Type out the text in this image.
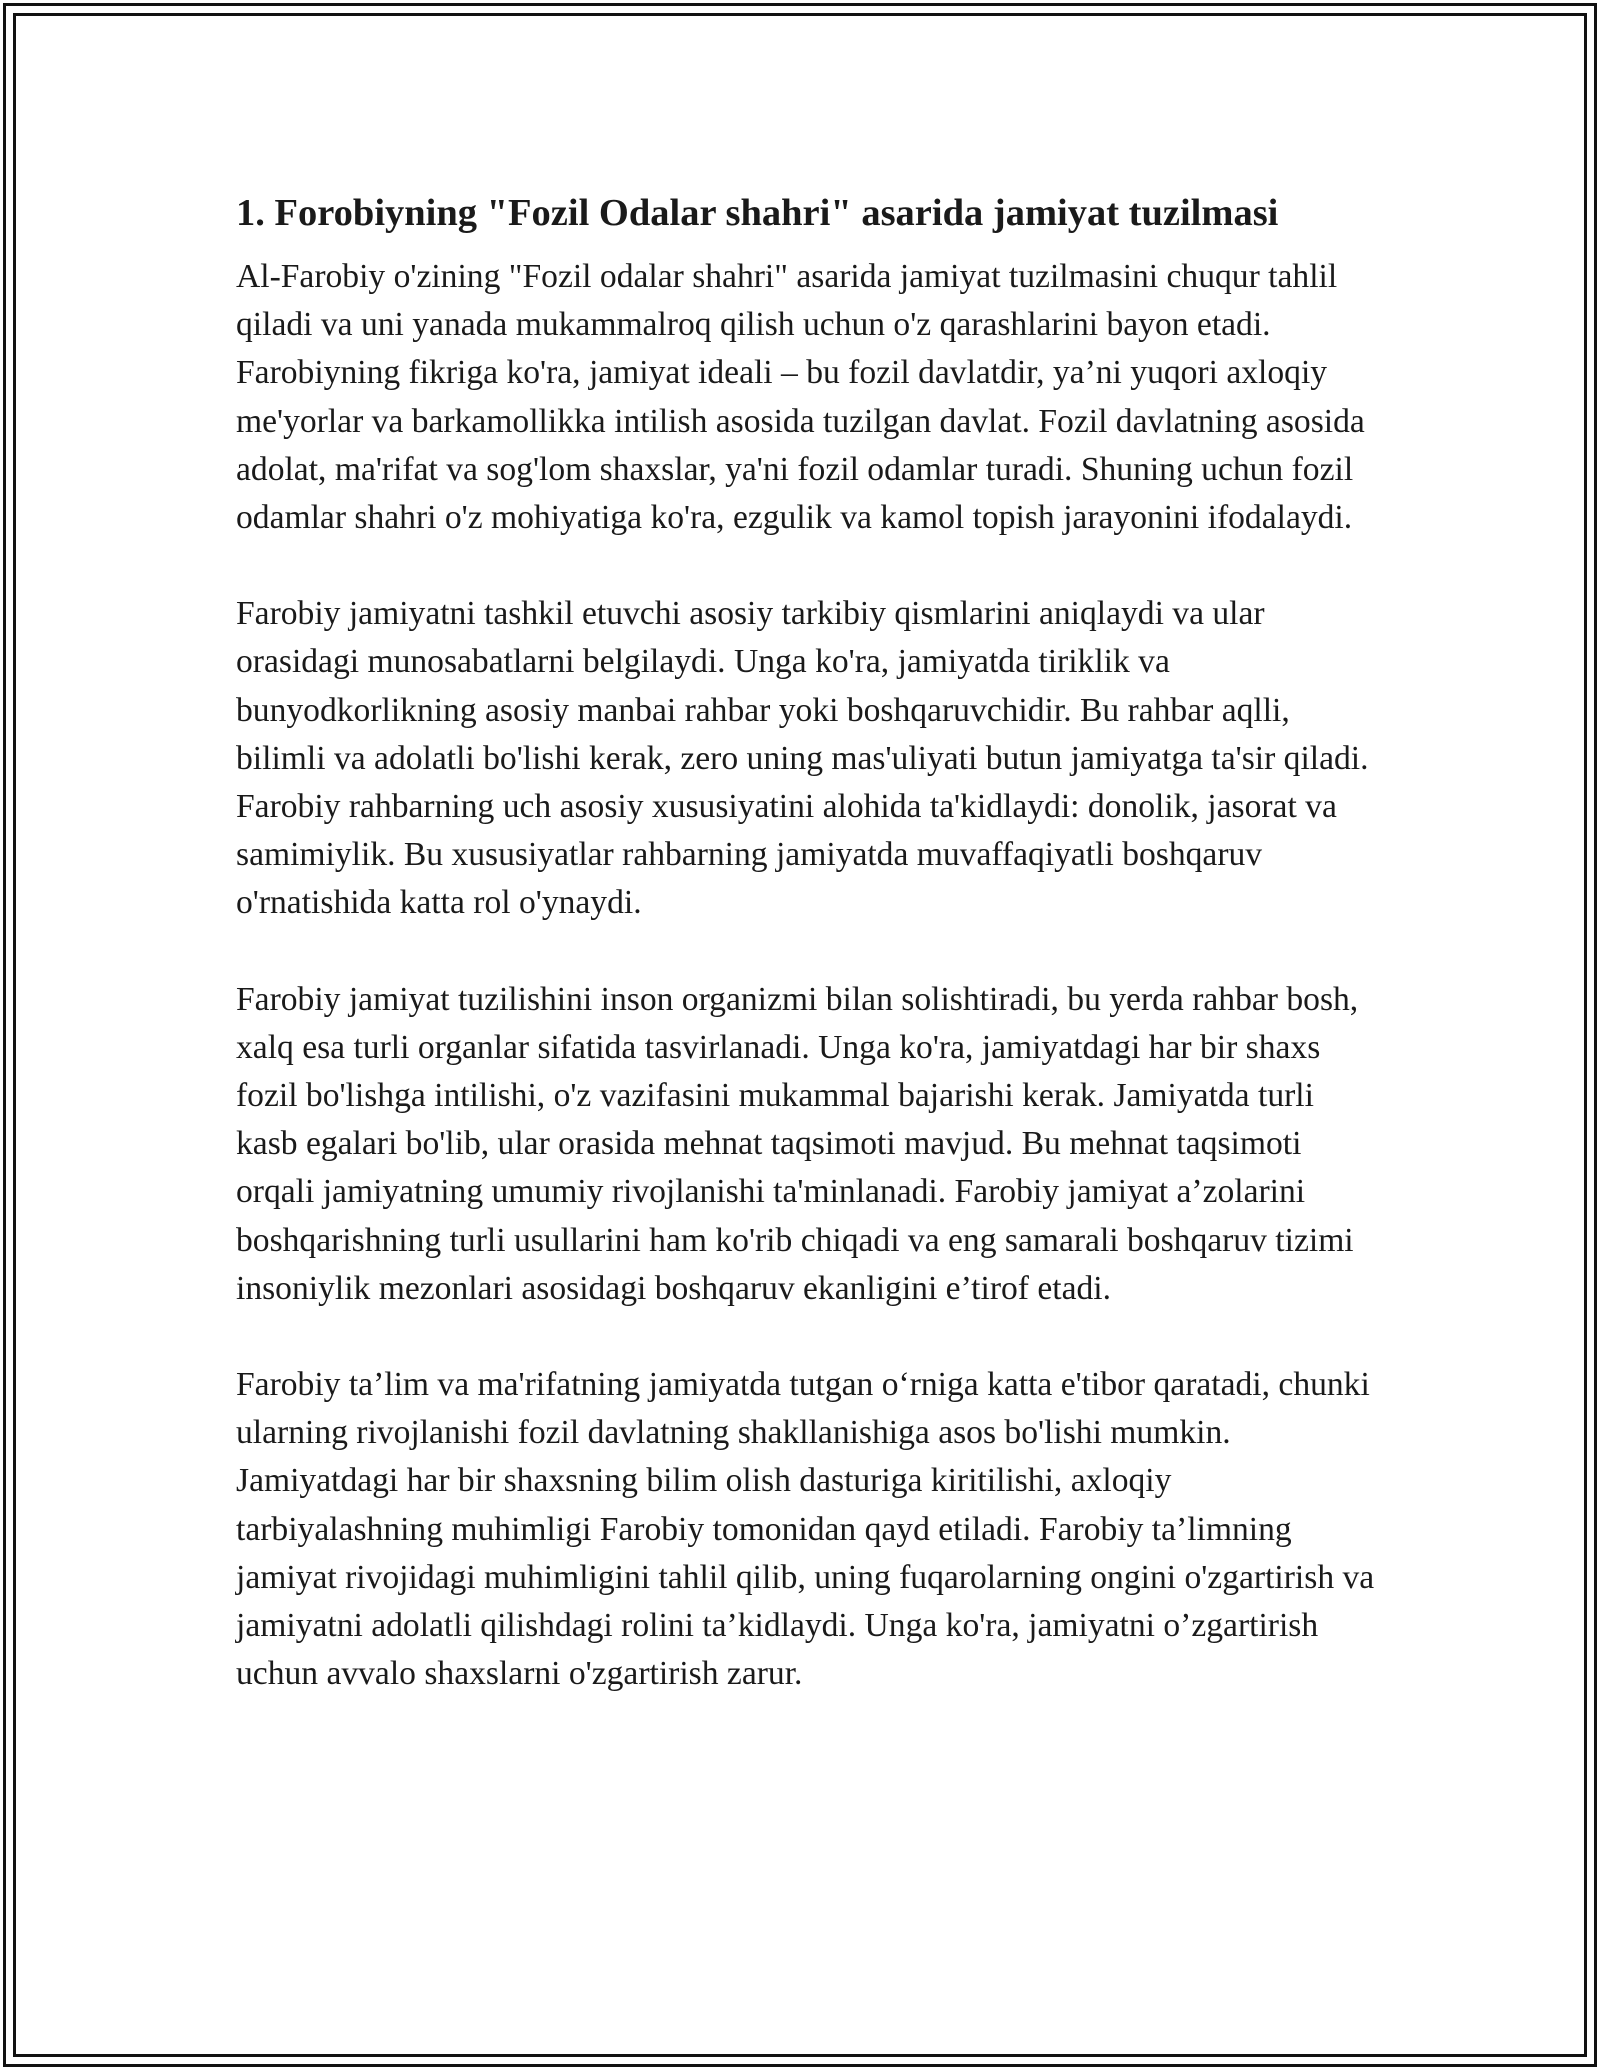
1. Forobiyning "Fozil Odalar shahri" asarida jamiyat tuzilmasi

Al-Farobiy o'zining "Fozil odalar shahri" asarida jamiyat tuzilmasini chuqur tahlil qiladi va uni yanada mukammalroq qilish uchun o'z qarashlarini bayon etadi. Farobiyning fikriga ko'ra, jamiyat ideali – bu fozil davlatdir, ya’ni yuqori axloqiy me'yorlar va barkamollikka intilish asosida tuzilgan davlat. Fozil davlatning asosida adolat, ma'rifat va sog'lom shaxslar, ya'ni fozil odamlar turadi. Shuning uchun fozil odamlar shahri o'z mohiyatiga ko'ra, ezgulik va kamol topish jarayonini ifodalaydi.

Farobiy jamiyatni tashkil etuvchi asosiy tarkibiy qismlarini aniqlaydi va ular orasidagi munosabatlarni belgilaydi. Unga ko'ra, jamiyatda tiriklik va bunyodkorlikning asosiy manbai rahbar yoki boshqaruvchidir. Bu rahbar aqlli, bilimli va adolatli bo'lishi kerak, zero uning mas'uliyati butun jamiyatga ta'sir qiladi. Farobiy rahbarning uch asosiy xususiyatini alohida ta'kidlaydi: donolik, jasorat va samimiylik. Bu xususiyatlar rahbarning jamiyatda muvaffaqiyatli boshqaruv o'rnatishida katta rol o'ynaydi.

Farobiy jamiyat tuzilishini inson organizmi bilan solishtiradi, bu yerda rahbar bosh, xalq esa turli organlar sifatida tasvirlanadi. Unga ko'ra, jamiyatdagi har bir shaxs fozil bo'lishga intilishi, o'z vazifasini mukammal bajarishi kerak. Jamiyatda turli kasb egalari bo'lib, ular orasida mehnat taqsimoti mavjud. Bu mehnat taqsimoti orqali jamiyatning umumiy rivojlanishi ta'minlanadi. Farobiy jamiyat a’zolarini boshqarishning turli usullarini ham ko'rib chiqadi va eng samarali boshqaruv tizimi insoniylik mezonlari asosidagi boshqaruv ekanligini e’tirof etadi.

Farobiy ta’lim va ma'rifatning jamiyatda tutgan o‘rniga katta e'tibor qaratadi, chunki ularning rivojlanishi fozil davlatning shakllanishiga asos bo'lishi mumkin. Jamiyatdagi har bir shaxsning bilim olish dasturiga kiritilishi, axloqiy tarbiyalashning muhimligi Farobiy tomonidan qayd etiladi. Farobiy ta’limning jamiyat rivojidagi muhimligini tahlil qilib, uning fuqarolarning ongini o'zgartirish va jamiyatni adolatli qilishdagi rolini ta’kidlaydi. Unga ko'ra, jamiyatni o’zgartirish uchun avvalo shaxslarni o'zgartirish zarur.
